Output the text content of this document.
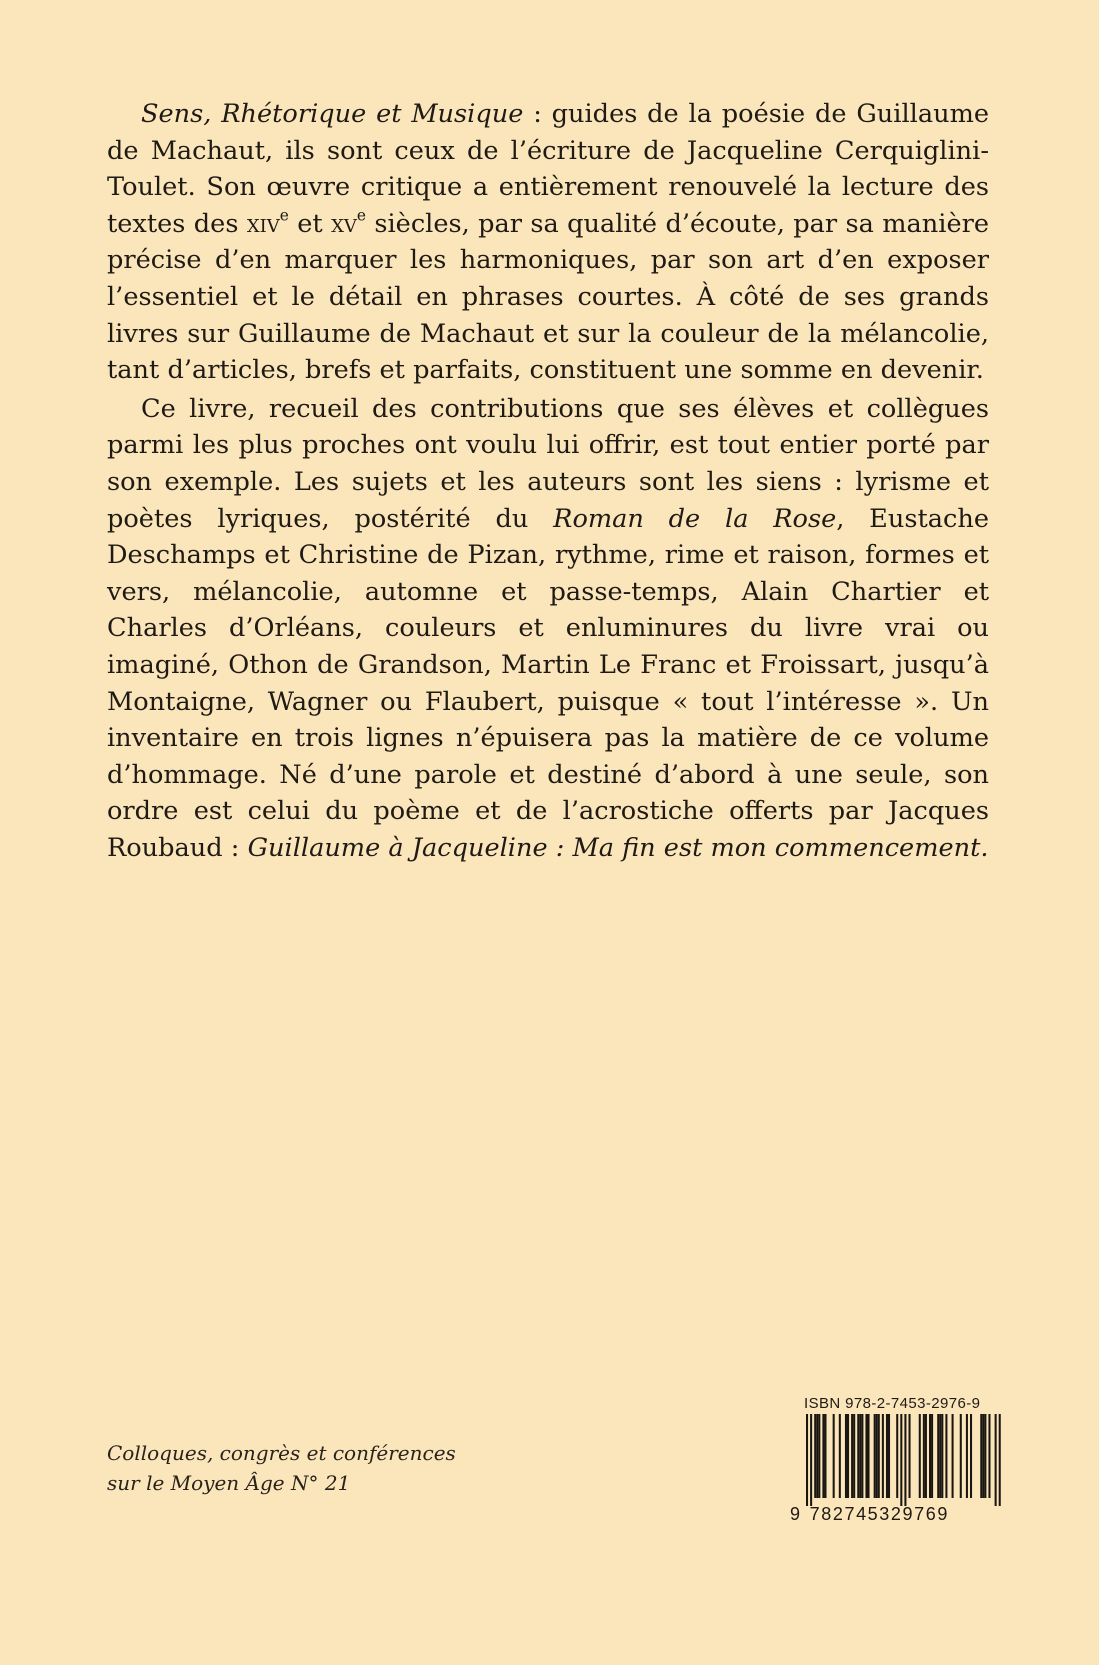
Sens, Rhétorique et Musique : guides de la poésie de Guillaume de Machaut, ils sont ceux de l’écriture de Jacqueline Cerquiglini-Toulet. Son œuvre critique a entièrement renouvelé la lecture des textes des xiv$^e$ et $xv^e$ siècles, par sa qualité d’écoute, par sa manière précise d’en marquer les harmoniques, par son art d’en exposer l’essentiel et le détail en phrases courtes. À côté de ses grands livres sur Guillaume de Machaut et sur la couleur de la mélancolie, tant d’articles, brefs et parfaits, constituent une somme en devenir.

Ce livre, recueil des contributions que ses élèves et collègues parmi les plus proches ont voulu lui offrir, est tout entier porté par son exemple. Les sujets et les auteurs sont les siens : lyrisme et poètes lyriques, postérité du Roman de la Rose, Eustache Deschamps et Christine de Pizan, rythme, rime et raison, formes et vers, mélancolie, automne et passe-temps, Alain Chartier et Charles d’Orléans, couleurs et enluminures du livre vrai ou imaginé, Othon de Grandson, Martin Le Franc et Froissart, jusqu’à Montaigne, Wagner ou Flaubert, puisque « tout l’intéresse ». Un inventaire en trois lignes n’épuisera pas la matière de ce volume d’hommage. Né d’une parole et destiné d’abord à une seule, son ordre est celui du poème et de l’acrostiche offerts par Jacques Roubaud : Guillaume à Jacqueline : Ma fin est mon commencement.

Colloques, congrès et conférences
sur le Moyen Âge N° 21
ISBN 978-2-7453-2976-9
9 782745329769
